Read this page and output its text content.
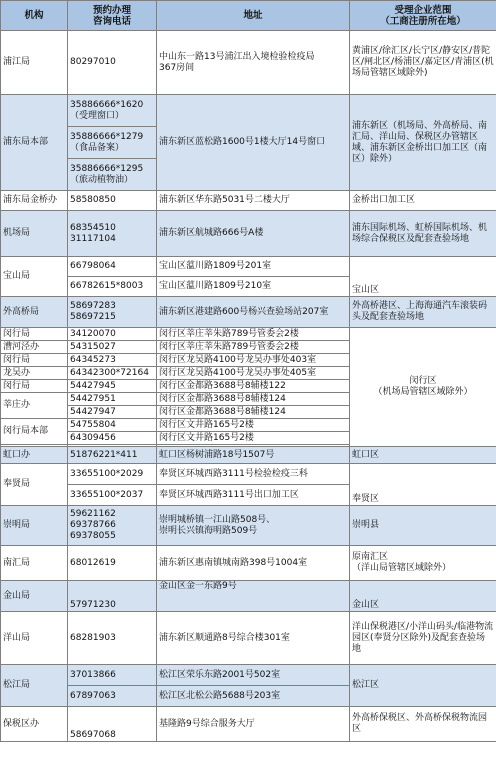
机构	预约办理
咨询电话	地址	受理企业范围
（工商注册所在地）
浦江局	80297010	中山东一路13号浦江出入境检验检疫局
367房间	黄浦区/徐汇区/长宁区/静安区/普陀区/闸北区/杨浦区/嘉定区/青浦区(机场局管辖区域除外)
浦东局本部	35886666*1620
（受理窗口）	浦东新区蓝松路1600号1楼大厅14号窗口	浦东新区（机场局、外高桥局、南汇局、洋山局、保税区办管辖区域、浦东新区金桥出口加工区（南区）除外）
	35886666*1279
（食品备案）		
	35886666*1295
（旅动植物油）		
浦东局金桥办	58580850	浦东新区华东路5031号二楼大厅	金桥出口加工区
机场局	68354510
31117104	浦东新区航城路666号A楼	浦东国际机场、虹桥国际机场、机场综合保税区及配套查验场地
宝山局	66798064	宝山区蕰川路1809号201室	宝山区
	66782615*8003	宝山区蕰川路1809号210室	
外高桥局	58697283
58697215	浦东新区港建路600号杨兴查验场站207室	外高桥港区、上海海通汽车滚装码头及配套查验场地
闵行局	34120070	闵行区莘庄莘朱路789号管委会2楼	闵行区
（机场局管辖区域除外）
漕河泾办	54315027	闵行区莘庄莘朱路789号管委会2楼	
闵行局	64345273	闵行区龙吴路4100号龙吴办事处403室	
龙吴办	64342300*72164	闵行区龙吴路4100号龙吴办事处405室	
闵行局	54427945	闵行区金都路3688号8辅楼122	
莘庄办	54427951	闵行区金都路3688号8辅楼124	
	54427947	闵行区金都路3688号8辅楼124	
闵行局本部	54755804	闵行区文井路165号2楼	
	64309456	闵行区文井路165号2楼	

虹口办	51876221*411	虹口区杨树浦路18号1507号	虹口区
奉贤局	33655100*2029	奉贤区环城西路3111号检验检疫三科	奉贤区
	33655100*2037	奉贤区环城西路3111号出口加工区	
崇明局	59621162
69378766
69378055	崇明城桥镇一江山路508号、
崇明长兴镇海明路509号	崇明县
南汇局	68012619	浦东新区惠南镇城南路398号1004室	原南汇区
（洋山局管辖区域除外）
金山局	57971230	金山区金一东路9号	金山区
洋山局	68281903	浦东新区顺通路8号综合楼301室	洋山保税港区/小洋山码头/临港物流园区(奉贤分区除外)及配套查验场地
松江局	37013866	松江区荣乐东路2001号502室	松江区
	67897063	松江区北松公路5688号203室	
保税区办	58697068	基隆路9号综合服务大厅	外高桥保税区、外高桥保税物流园区
